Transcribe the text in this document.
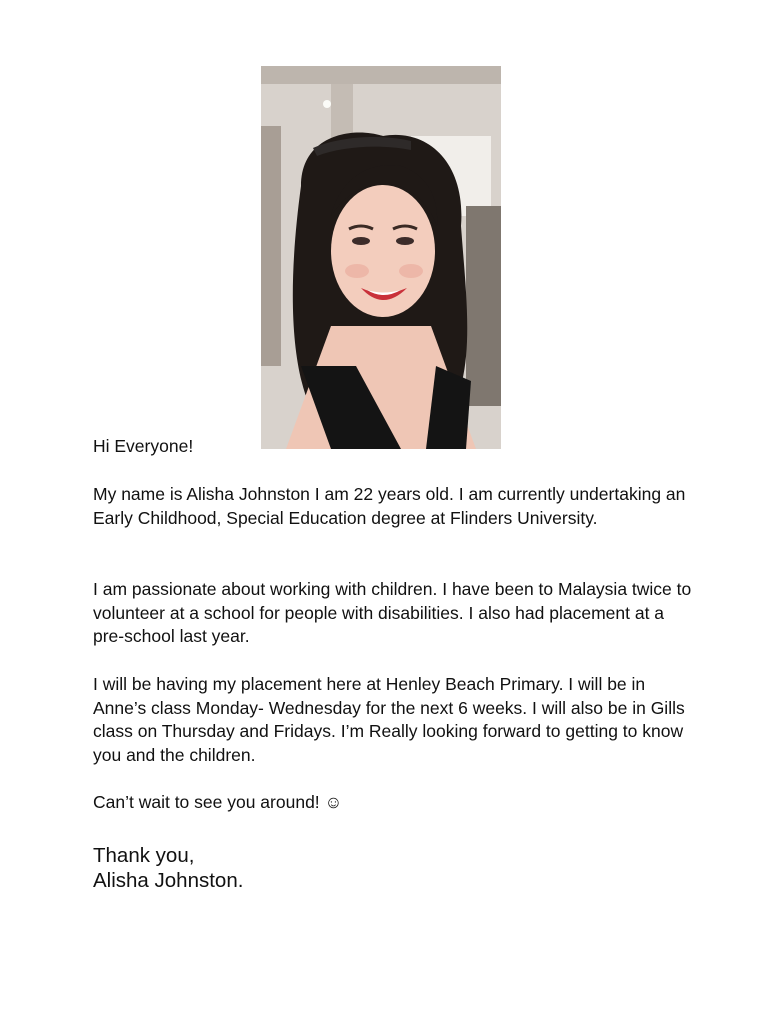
Hi Everyone!

My name is Alisha Johnston I am 22 years old. I am currently undertaking an Early Childhood, Special Education degree at Flinders University.

I am passionate about working with children. I have been to Malaysia twice to volunteer at a school for people with disabilities. I also had placement at a pre-school last year.

I will be having my placement here at Henley Beach Primary. I will be in Anne’s class Monday- Wednesday for the next 6 weeks. I will also be in Gills class on Thursday and Fridays. I’m Really looking forward to getting to know you and the children.

Can’t wait to see you around! ☺

Thank you,
Alisha Johnston.
